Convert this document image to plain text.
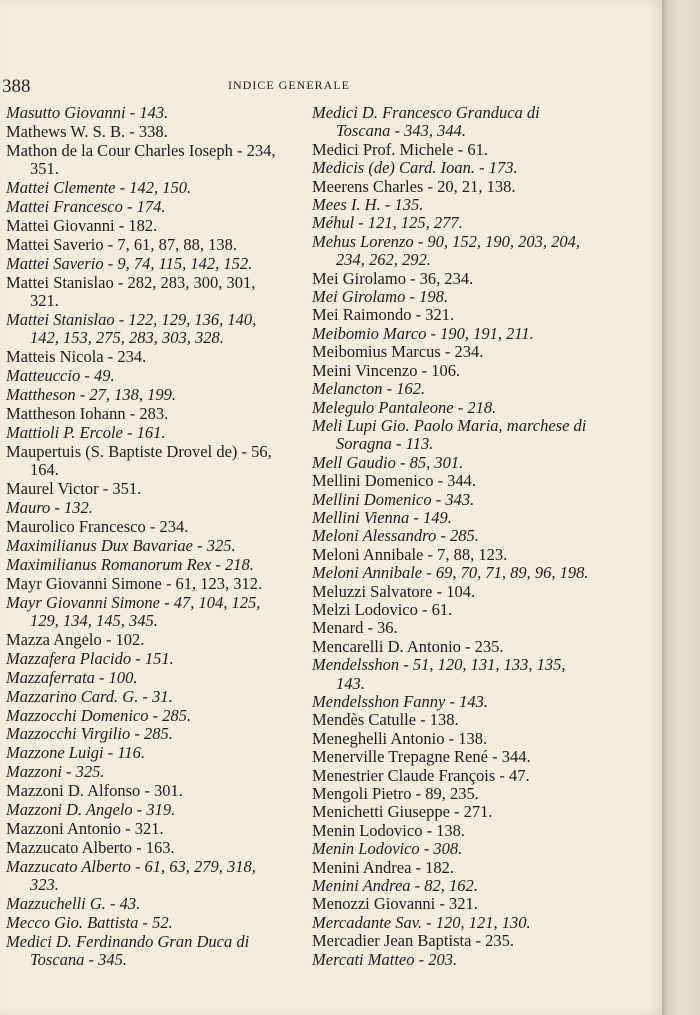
388	INDICE GENERALE

Masutto Giovanni - 143.

Mathews W. S. B. - 338.

Mathon de la Cour Charles Ioseph - 234, 351.

Mattei Clemente - 142, 150.

Mattei Francesco - 174.

Mattei Giovanni - 182.

Mattei Saverio - 7, 61, 87, 88, 138.

Mattei Saverio - 9, 74, 115, 142, 152.

Mattei Stanislao - 282, 283, 300, 301, 321.

Mattei Stanislao - 122, 129, 136, 140, 142, 153, 275, 283, 303, 328.

Matteis Nicola - 234.

Matteuccio - 49.

Mattheson - 27, 138, 199.

Mattheson Iohann - 283.

Mattioli P. Ercole - 161.

Maupertuis (S. Baptiste Drovel de) - 56, 164.

Maurel Victor - 351.

Mauro - 132.

Maurolico Francesco - 234.

Maximilianus Dux Bavariae - 325.

Maximilianus Romanorum Rex - 218.

Mayr Giovanni Simone - 61, 123, 312.

Mayr Giovanni Simone - 47, 104, 125, 129, 134, 145, 345.

Mazza Angelo - 102.

Mazzafera Placido - 151.

Mazzaferrata - 100.

Mazzarino Card. G. - 31.

Mazzocchi Domenico - 285.

Mazzocchi Virgilio - 285.

Mazzone Luigi - 116.

Mazzoni - 325.

Mazzoni D. Alfonso - 301.

Mazzoni D. Angelo - 319.

Mazzoni Antonio - 321.

Mazzucato Alberto - 163.

Mazzucato Alberto - 61, 63, 279, 318, 323.

Mazzuchelli G. - 43.

Mecco Gio. Battista - 52.

Medici D. Ferdinando Gran Duca di Toscana - 345.

Medici D. Francesco Granduca di Toscana - 343, 344.

Medici Prof. Michele - 61.

Medicis (de) Card. Ioan. - 173.

Meerens Charles - 20, 21, 138.

Mees I. H. - 135.

Méhul - 121, 125, 277.

Mehus Lorenzo - 90, 152, 190, 203, 204, 234, 262, 292.

Mei Girolamo - 36, 234.

Mei Girolamo - 198.

Mei Raimondo - 321.

Meibomio Marco - 190, 191, 211.

Meibomius Marcus - 234.

Meini Vincenzo - 106.

Melancton - 162.

Melegulo Pantaleone - 218.

Meli Lupi Gio. Paolo Maria, marchese di Soragna - 113.

Mell Gaudio - 85, 301.

Mellini Domenico - 344.

Mellini Domenico - 343.

Mellini Vienna - 149.

Meloni Alessandro - 285.

Meloni Annibale - 7, 88, 123.

Meloni Annibale - 69, 70, 71, 89, 96, 198.

Meluzzi Salvatore - 104.

Melzi Lodovico - 61.

Menard - 36.

Mencarelli D. Antonio - 235.

Mendelsshon - 51, 120, 131, 133, 135, 143.

Mendelsshon Fanny - 143.

Mendès Catulle - 138.

Meneghelli Antonio - 138.

Menerville Trepagne René - 344.

Menestrier Claude François - 47.

Mengoli Pietro - 89, 235.

Menichetti Giuseppe - 271.

Menin Lodovico - 138.

Menin Lodovico - 308.

Menini Andrea - 182.

Menini Andrea - 82, 162.

Menozzi Giovanni - 321.

Mercadante Sav. - 120, 121, 130.

Mercadier Jean Baptista - 235.

Mercati Matteo - 203.
